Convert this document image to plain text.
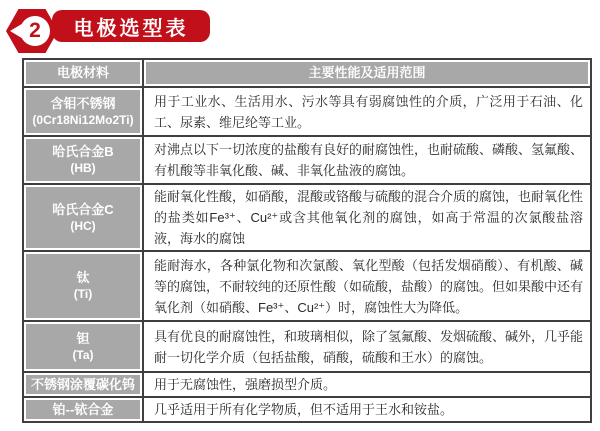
电极选型表
2
电极材料	主要性能及适用范围

含钼不锈钢
(0Cr18Ni12Mo2Ti)	用于工业水、生活用水、污水等具有弱腐蚀性的介质，广泛用于石油、化工、尿素、维尼纶等工业。

哈氏合金B
(HB)	对沸点以下一切浓度的盐酸有良好的耐腐蚀性，也耐硫酸、磷酸、氢氟酸、有机酸等非氧化酸、碱、非氧化盐液的腐蚀。

哈氏合金C
(HC)	能耐氧化性酸，如硝酸，混酸或铬酸与硫酸的混合介质的腐蚀，也耐氧化性的盐类如Fe³⁺、Cu²⁺或含其他氧化剂的腐蚀，如高于常温的次氯酸盐溶液，海水的腐蚀

钛
(Ti)	能耐海水，各种氯化物和次氯酸、氧化型酸（包括发烟硝酸）、有机酸、碱等的腐蚀，不耐较纯的还原性酸（如硫酸，盐酸）的腐蚀。但如果酸中还有氧化剂（如硝酸、Fe³⁺、Cu²⁺）时，腐蚀性大为降低。

钽
(Ta)	具有优良的耐腐蚀性，和玻璃相似，除了氢氟酸、发烟硫酸、碱外，几乎能耐一切化学介质（包括盐酸，硝酸，硫酸和王水）的腐蚀。

不锈钢涂覆碳化钨	用于无腐蚀性，强磨损型介质。

铂--铱合金	几乎适用于所有化学物质，但不适用于王水和铵盐。
